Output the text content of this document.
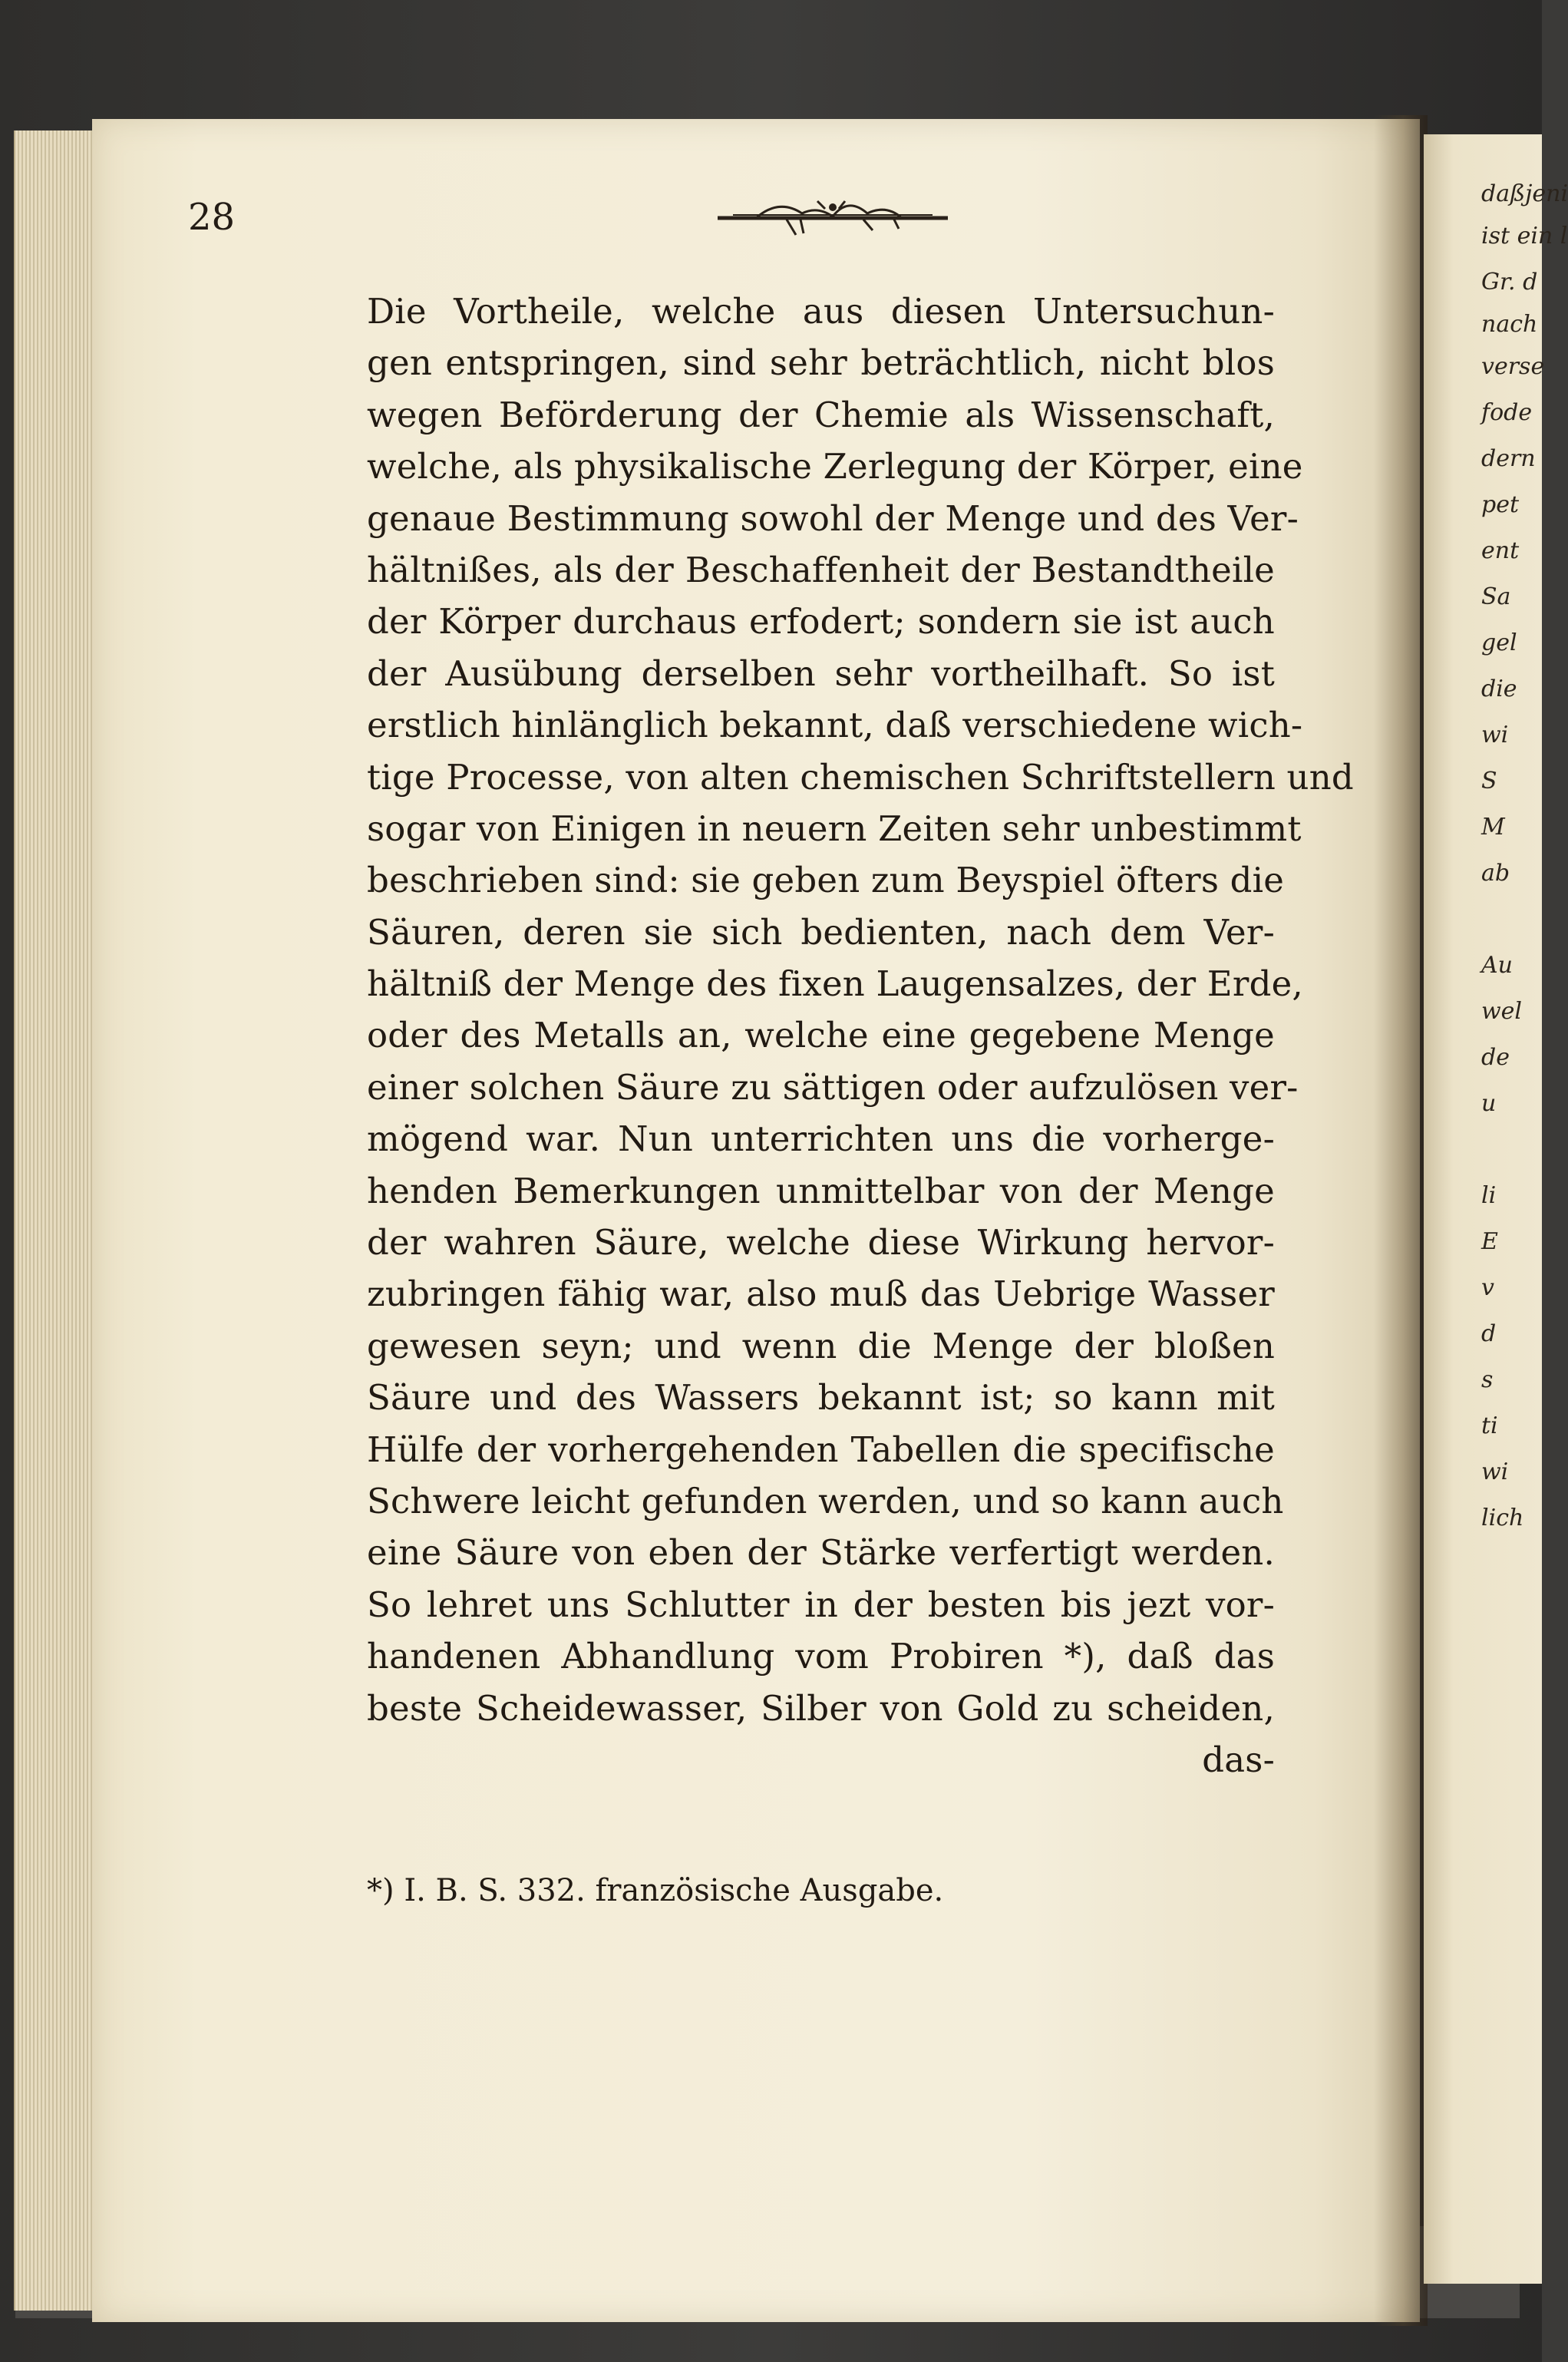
daßjeni
ist ein l
Gr. d
nach
verse
fode
dern
pet
ent
Sa
gel
die
wi
S
M
ab
Au
wel
de
u
li
E
v
d
s
ti
wi
lich
28
Die Vortheile, welche aus diesen Untersuchun-
gen entspringen, sind sehr beträchtlich, nicht blos
wegen Beförderung der Chemie als Wissenschaft,
welche, als physikalische Zerlegung der Körper, eine
genaue Bestimmung sowohl der Menge und des Ver-
hältnißes, als der Beschaffenheit der Bestandtheile
der Körper durchaus erfodert; sondern sie ist auch
der Ausübung derselben sehr vortheilhaft. So ist
erstlich hinlänglich bekannt, daß verschiedene wich-
tige Processe, von alten chemischen Schriftstellern und
sogar von Einigen in neuern Zeiten sehr unbestimmt
beschrieben sind: sie geben zum Beyspiel öfters die
Säuren, deren sie sich bedienten, nach dem Ver-
hältniß der Menge des fixen Laugensalzes, der Erde,
oder des Metalls an, welche eine gegebene Menge
einer solchen Säure zu sättigen oder aufzulösen ver-
mögend war. Nun unterrichten uns die vorherge-
henden Bemerkungen unmittelbar von der Menge
der wahren Säure, welche diese Wirkung hervor-
zubringen fähig war, also muß das Uebrige Wasser
gewesen seyn; und wenn die Menge der bloßen
Säure und des Wassers bekannt ist; so kann mit
Hülfe der vorhergehenden Tabellen die specifische
Schwere leicht gefunden werden, und so kann auch
eine Säure von eben der Stärke verfertigt werden.
So lehret uns Schlutter in der besten bis jezt vor-
handenen Abhandlung vom Probiren *), daß das
beste Scheidewasser, Silber von Gold zu scheiden,
das-
*) I. B. S. 332. französische Ausgabe.
